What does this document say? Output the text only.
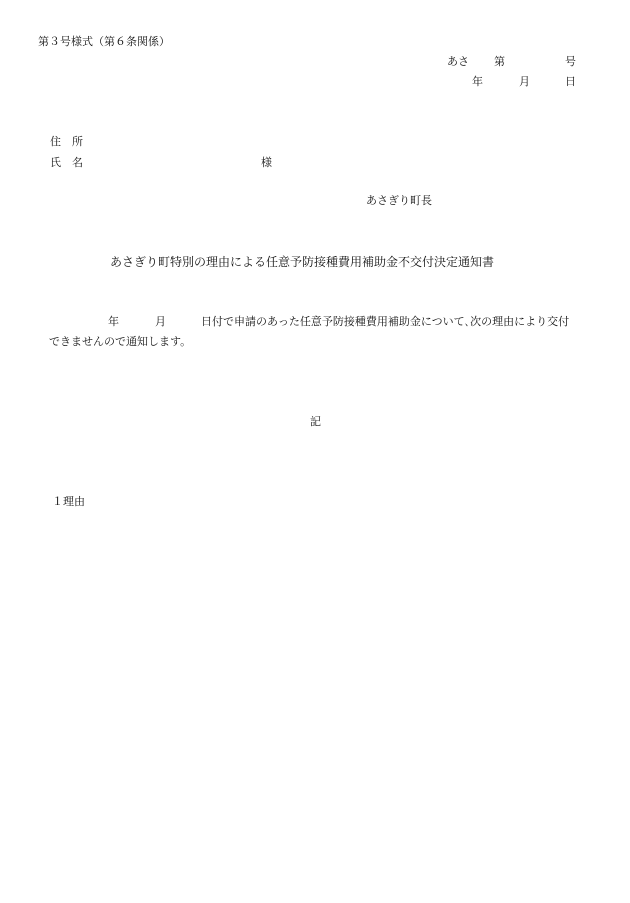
第３号様式（第６条関係）
あさ 第	号
年	月	日
住　所
氏　名	様
あさぎり町長
あさぎり町特別の理由による任意予防接種費用補助金不交付決定通知書
年	月	日付で申請のあった任意予防接種費用補助金について､次の理由により交付
できませんので通知します。
記
１理由
